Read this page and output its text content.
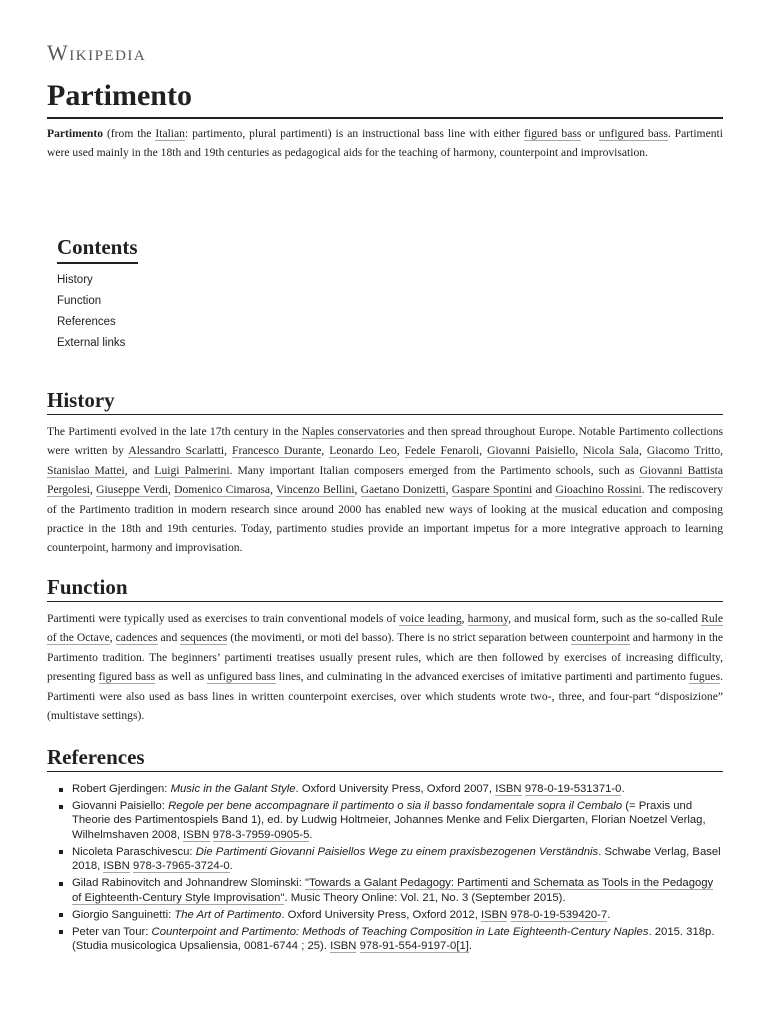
Wikipedia
Partimento

Partimento (from the Italian: partimento, plural partimenti) is an instructional bass line with either figured bass or unfigured bass. Partimenti were used mainly in the 18th and 19th centuries as pedagogical aids for the teaching of harmony, counterpoint and improvisation.

Contents
History
Function
References
External links
History

The Partimenti evolved in the late 17th century in the Naples conservatories and then spread throughout Europe. Notable Partimento collections were written by Alessandro Scarlatti, Francesco Durante, Leonardo Leo, Fedele Fenaroli, Giovanni Paisiello, Nicola Sala, Giacomo Tritto, Stanislao Mattei, and Luigi Palmerini. Many important Italian composers emerged from the Partimento schools, such as Giovanni Battista Pergolesi, Giuseppe Verdi, Domenico Cimarosa, Vincenzo Bellini, Gaetano Donizetti, Gaspare Spontini and Gioachino Rossini. The rediscovery of the Partimento tradition in modern research since around 2000 has enabled new ways of looking at the musical education and composing practice in the 18th and 19th centuries. Today, partimento studies provide an important impetus for a more integrative approach to learning counterpoint, harmony and improvisation.

Function

Partimenti were typically used as exercises to train conventional models of voice leading, harmony, and musical form, such as the so-called Rule of the Octave, cadences and sequences (the movimenti, or moti del basso). There is no strict separation between counterpoint and harmony in the Partimento tradition. The beginners’ partimenti treatises usually present rules, which are then followed by exercises of increasing difficulty, presenting figured bass as well as unfigured bass lines, and culminating in the advanced exercises of imitative partimenti and partimento fugues. Partimenti were also used as bass lines in written counterpoint exercises, over which students wrote two-, three, and four-part “disposizione” (multistave settings).

References
Robert Gjerdingen: Music in the Galant Style. Oxford University Press, Oxford 2007, ISBN 978-0-19-531371-0.
Giovanni Paisiello: Regole per bene accompagnare il partimento o sia il basso fondamentale sopra il Cembalo (= Praxis und Theorie des Partimentospiels Band 1), ed. by Ludwig Holtmeier, Johannes Menke and Felix Diergarten, Florian Noetzel Verlag, Wilhelmshaven 2008, ISBN 978-3-7959-0905-5.
Nicoleta Paraschivescu: Die Partimenti Giovanni Paisiellos Wege zu einem praxisbezogenen Verständnis. Schwabe Verlag, Basel 2018, ISBN 978-3-7965-3724-0.
Gilad Rabinovitch and Johnandrew Slominski: "Towards a Galant Pedagogy: Partimenti and Schemata as Tools in the Pedagogy of Eighteenth-Century Style Improvisation". Music Theory Online: Vol. 21, No. 3 (September 2015).
Giorgio Sanguinetti: The Art of Partimento. Oxford University Press, Oxford 2012, ISBN 978-0-19-539420-7.
Peter van Tour: Counterpoint and Partimento: Methods of Teaching Composition in Late Eighteenth-Century Naples. 2015. 318p. (Studia musicologica Upsaliensia, 0081-6744 ; 25). ISBN 978-91-554-9197-0[1].
